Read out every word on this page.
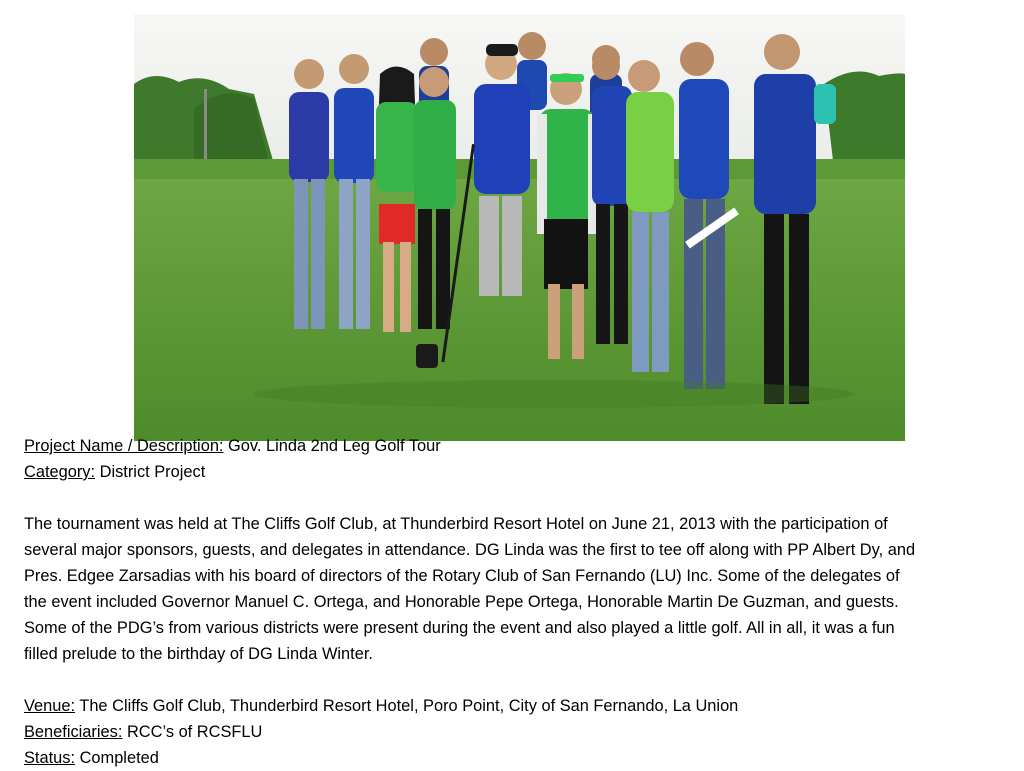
Project Name / Description: Gov. Linda 2nd Leg Golf Tour
Category: District Project
The tournament was held at The Cliffs Golf Club, at Thunderbird Resort Hotel on June 21, 2013 with the participation of
several major sponsors, guests, and delegates in attendance. DG Linda was the first to tee off along with PP Albert Dy, and
Pres. Edgee Zarsadias with his board of directors of the Rotary Club of San Fernando (LU) Inc. Some of the delegates of
the event included Governor Manuel C. Ortega, and Honorable Pepe Ortega, Honorable Martin De Guzman, and guests.
Some of the PDG’s from various districts were present during the event and also played a little golf. All in all, it was a fun
filled prelude to the birthday of DG Linda Winter.
Venue: The Cliffs Golf Club, Thunderbird Resort Hotel, Poro Point, City of San Fernando, La Union
Beneficiaries: RCC’s of RCSFLU
Status: Completed
